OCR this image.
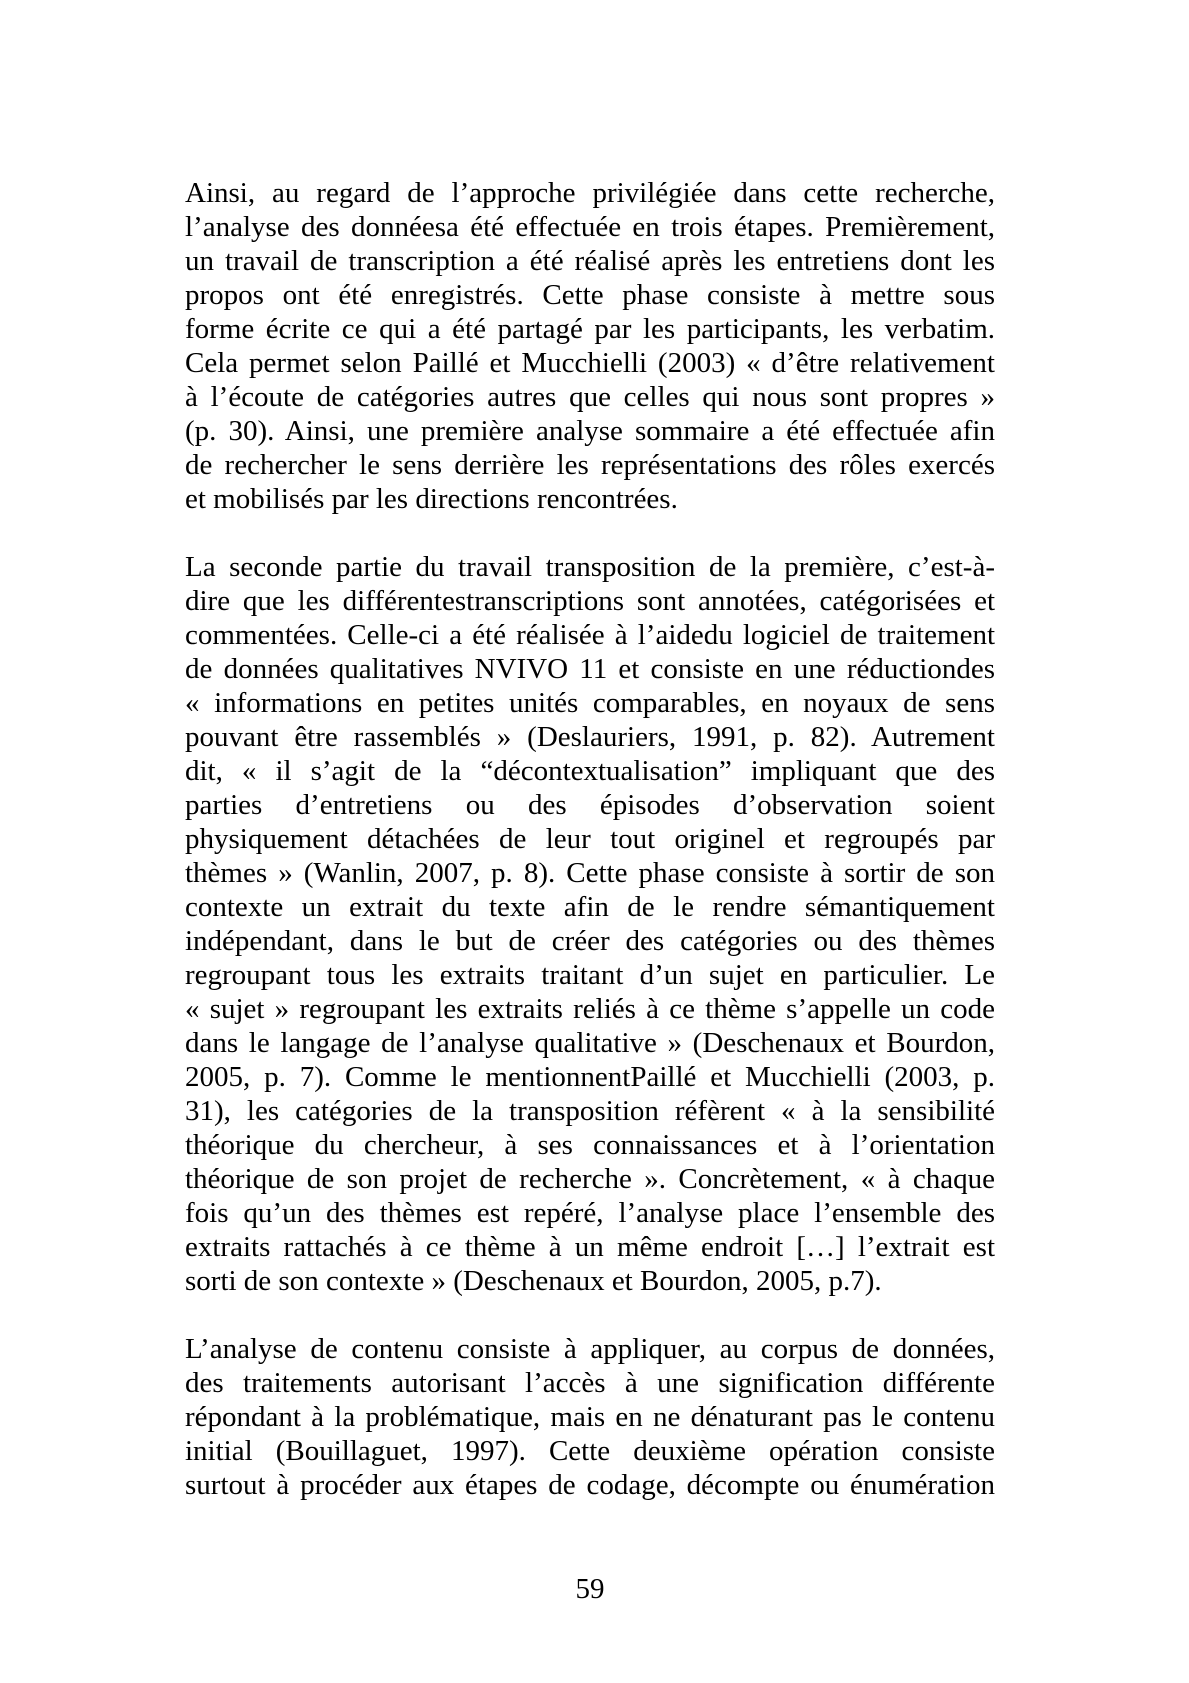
Ainsi, au regard de l’approche privilégiée dans cette recherche,
l’analyse des donnéesa été effectuée en trois étapes. Premièrement,
un travail de transcription a été réalisé après les entretiens dont les
propos ont été enregistrés. Cette phase consiste à mettre sous
forme écrite ce qui a été partagé par les participants, les verbatim.
Cela permet selon Paillé et Mucchielli (2003) « d’être relativement
à l’écoute de catégories autres que celles qui nous sont propres »
(p. 30). Ainsi, une première analyse sommaire a été effectuée afin
de rechercher le sens derrière les représentations des rôles exercés
et mobilisés par les directions rencontrées.
La seconde partie du travail transposition de la première, c’est-à-
dire que les différentestranscriptions sont annotées, catégorisées et
commentées. Celle-ci a été réalisée à l’aidedu logiciel de traitement
de données qualitatives NVIVO 11 et consiste en une réductiondes
« informations en petites unités comparables, en noyaux de sens
pouvant être rassemblés » (Deslauriers, 1991, p. 82). Autrement
dit, « il s’agit de la “décontextualisation” impliquant que des
parties d’entretiens ou des épisodes d’observation soient
physiquement détachées de leur tout originel et regroupés par
thèmes » (Wanlin, 2007, p. 8). Cette phase consiste à sortir de son
contexte un extrait du texte afin de le rendre sémantiquement
indépendant, dans le but de créer des catégories ou des thèmes
regroupant tous les extraits traitant d’un sujet en particulier. Le
« sujet » regroupant les extraits reliés à ce thème s’appelle un code
dans le langage de l’analyse qualitative » (Deschenaux et Bourdon,
2005, p. 7). Comme le mentionnentPaillé et Mucchielli (2003, p.
31), les catégories de la transposition réfèrent « à la sensibilité
théorique du chercheur, à ses connaissances et à l’orientation
théorique de son projet de recherche ». Concrètement, « à chaque
fois qu’un des thèmes est repéré, l’analyse place l’ensemble des
extraits rattachés à ce thème à un même endroit […] l’extrait est
sorti de son contexte » (Deschenaux et Bourdon, 2005, p.7).
L’analyse de contenu consiste à appliquer, au corpus de données,
des traitements autorisant l’accès à une signification différente
répondant à la problématique, mais en ne dénaturant pas le contenu
initial (Bouillaguet, 1997). Cette deuxième opération consiste
surtout à procéder aux étapes de codage, décompte ou énumération
59
